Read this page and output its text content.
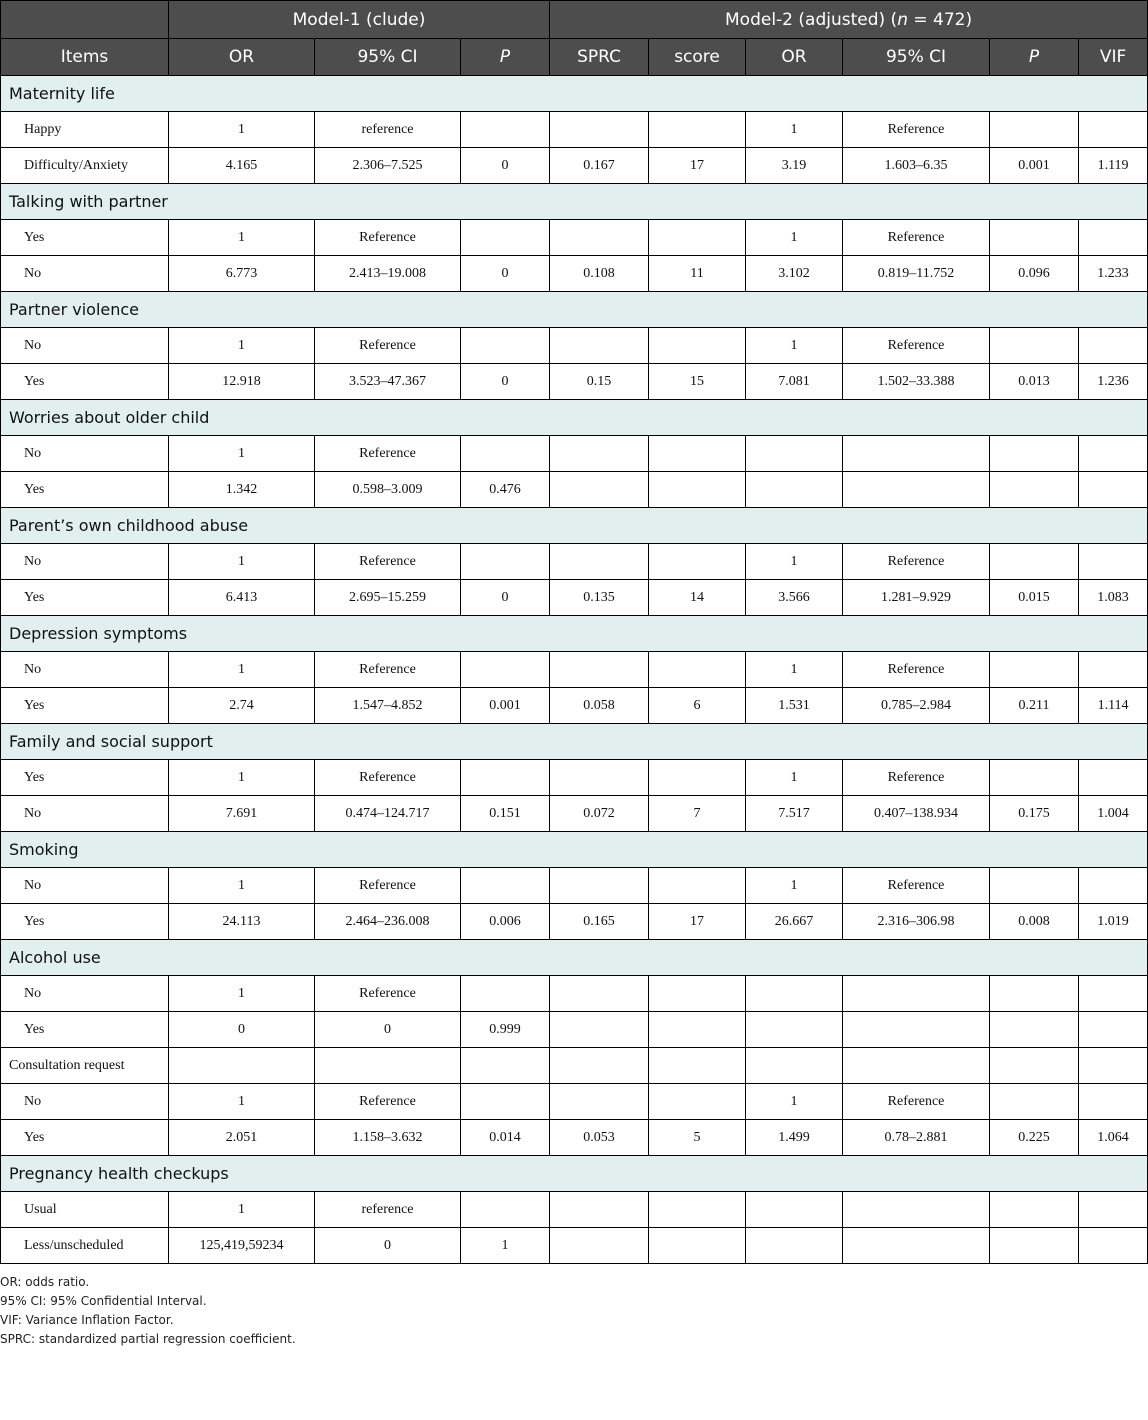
	Model-1 (clude)			Model-2 (adjusted) (n = 472)					
Items	OR	95% CI	P	SPRC	score	OR	95% CI	P	VIF
Maternity life									
Happy	1	reference				1	Reference		
Difficulty/Anxiety	4.165	2.306–7.525	0	0.167	17	3.19	1.603–6.35	0.001	1.119
Talking with partner									
Yes	1	Reference				1	Reference		
No	6.773	2.413–19.008	0	0.108	11	3.102	0.819–11.752	0.096	1.233
Partner violence									
No	1	Reference				1	Reference		
Yes	12.918	3.523–47.367	0	0.15	15	7.081	1.502–33.388	0.013	1.236
Worries about older child									
No	1	Reference							
Yes	1.342	0.598–3.009	0.476						
Parent’s own childhood abuse									
No	1	Reference				1	Reference		
Yes	6.413	2.695–15.259	0	0.135	14	3.566	1.281–9.929	0.015	1.083
Depression symptoms									
No	1	Reference				1	Reference		
Yes	2.74	1.547–4.852	0.001	0.058	6	1.531	0.785–2.984	0.211	1.114
Family and social support									
Yes	1	Reference				1	Reference		
No	7.691	0.474–124.717	0.151	0.072	7	7.517	0.407–138.934	0.175	1.004
Smoking									
No	1	Reference				1	Reference		
Yes	24.113	2.464–236.008	0.006	0.165	17	26.667	2.316–306.98	0.008	1.019
Alcohol use									
No	1	Reference							
Yes	0	0	0.999						
Consultation request									
No	1	Reference				1	Reference		
Yes	2.051	1.158–3.632	0.014	0.053	5	1.499	0.78–2.881	0.225	1.064
Pregnancy health checkups									
Usual	1	reference							
Less/unscheduled	125,419,59234	0	1						
OR: odds ratio.
95% CI: 95% Confidential Interval.
VIF: Variance Inflation Factor.
SPRC: standardized partial regression coefficient.
